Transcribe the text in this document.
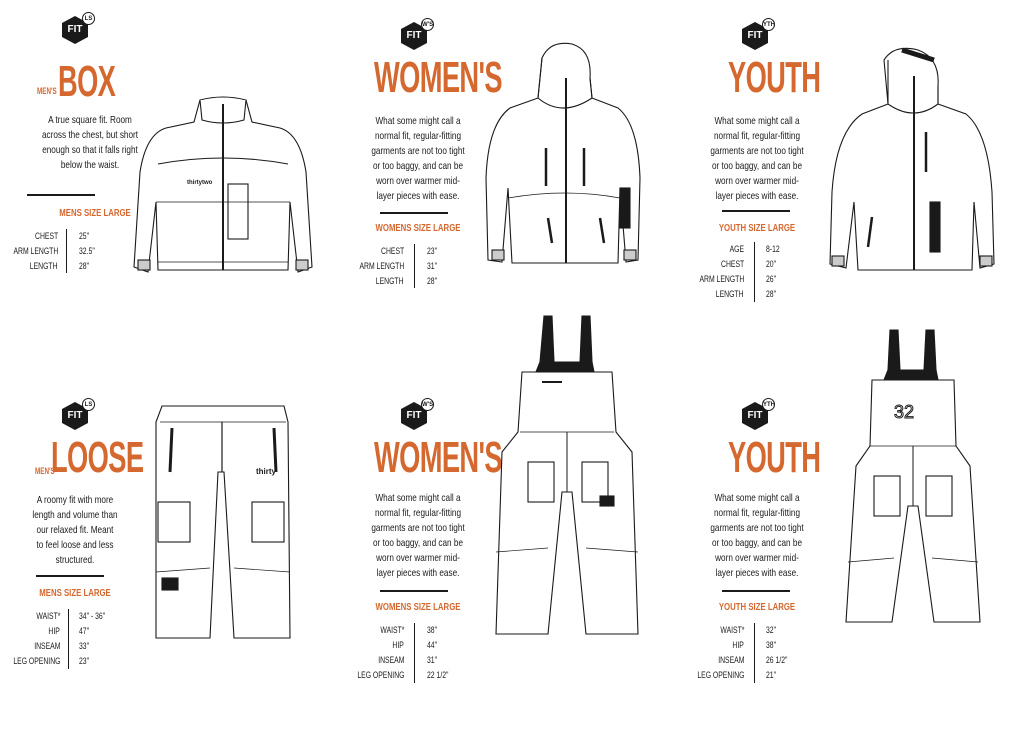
FIT
LS
MEN'S BOX
A true square fit. Room
across the chest, but short
enough so that it falls right
below the waist.
MENS SIZE LARGE
CHEST
ARM LENGTH
LENGTH
25"
32.5"
28"
thirtytwo
FIT
W'S
WOMEN'S
What some might call a
normal fit, regular-fitting
garments are not too tight
or too baggy, and can be
worn over warmer mid-
layer pieces with ease.
WOMENS SIZE LARGE
CHEST
ARM LENGTH
LENGTH
23"
31"
28"
FIT
YTH
YOUTH
What some might call a
normal fit, regular-fitting
garments are not too tight
or too baggy, and can be
worn over warmer mid-
layer pieces with ease.
YOUTH SIZE LARGE
AGE
CHEST
ARM LENGTH
LENGTH
8-12
20"
26"
28"
FIT
LS
MEN'S
LOOSE
A roomy fit with more
length and volume than
our relaxed fit. Meant
to feel loose and less
structured.
MENS SIZE LARGE
WAIST*
HIP
INSEAM
LEG OPENING
34" - 36"
47"
33"
23"
thirty
FIT
W'S
WOMEN'S
What some might call a
normal fit, regular-fitting
garments are not too tight
or too baggy, and can be
worn over warmer mid-
layer pieces with ease.
WOMENS SIZE LARGE
WAIST*
HIP
INSEAM
LEG OPENING
38"
44"
31"
22 1/2"
FIT
YTH
YOUTH
What some might call a
normal fit, regular-fitting
garments are not too tight
or too baggy, and can be
worn over warmer mid-
layer pieces with ease.
YOUTH SIZE LARGE
WAIST*
HIP
INSEAM
LEG OPENING
32"
38"
26 1/2"
21"
32
